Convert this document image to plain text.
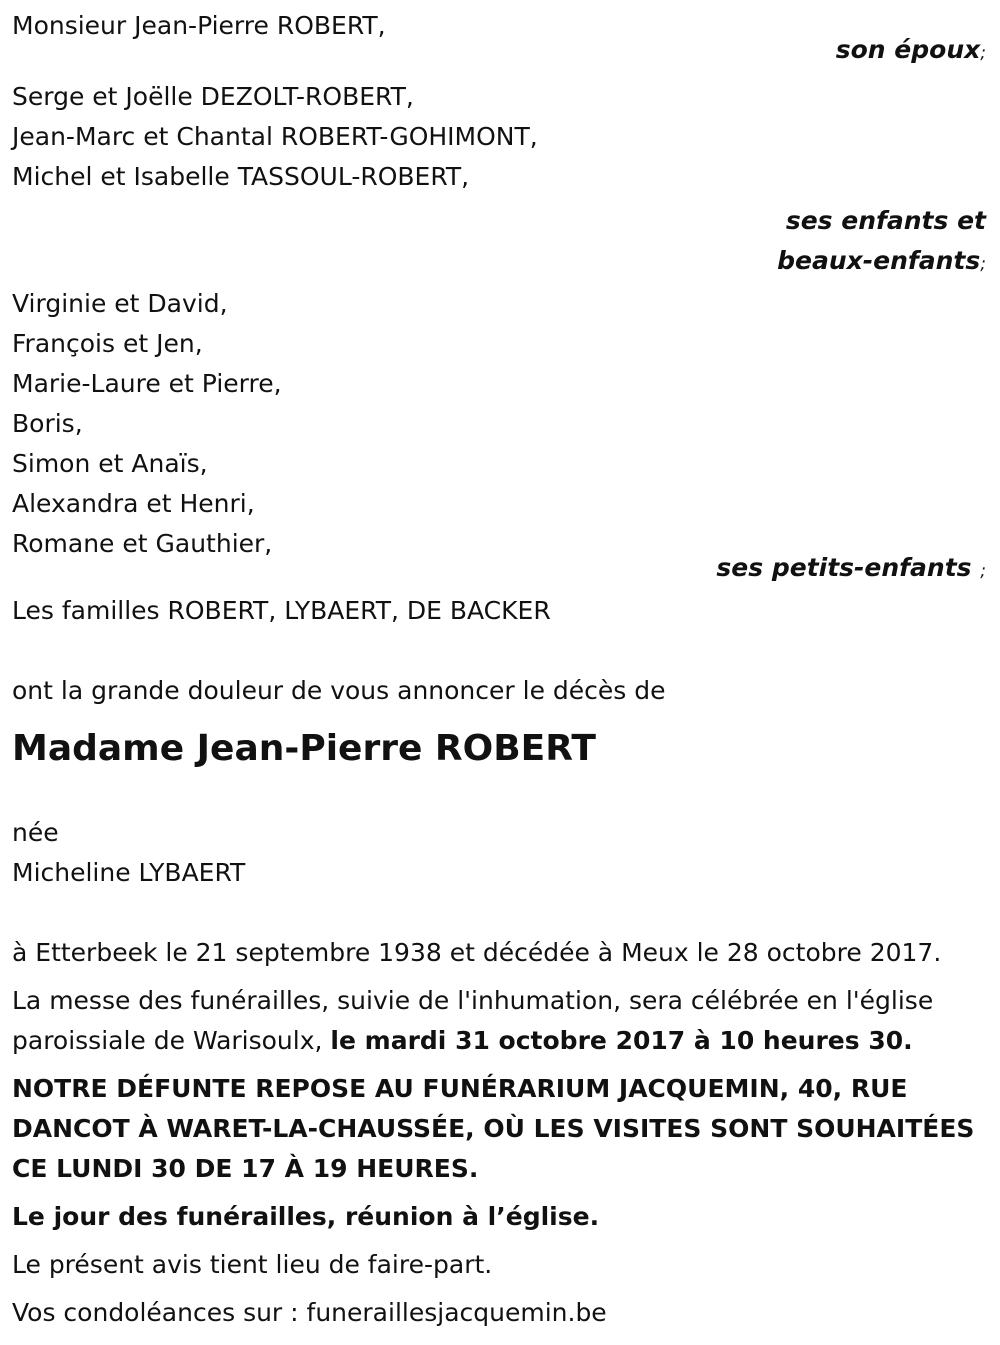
Monsieur Jean-Pierre ROBERT,
son époux;
Serge et Joëlle DEZOLT-ROBERT,
Jean-Marc et Chantal ROBERT-GOHIMONT,
Michel et Isabelle TASSOUL-ROBERT,
ses enfants et
beaux-enfants;
Virginie et David,
François et Jen,
Marie-Laure et Pierre,
Boris,
Simon et Anaïs,
Alexandra et Henri,
Romane et Gauthier,
ses petits-enfants ;
Les familles ROBERT, LYBAERT, DE BACKER
ont la grande douleur de vous annoncer le décès de
Madame Jean-Pierre ROBERT
née
Micheline LYBAERT
à Etterbeek le 21 septembre 1938 et décédée à Meux le 28 octobre 2017.
La messe des funérailles, suivie de l'inhumation, sera célébrée en l'église paroissiale de Warisoulx, le mardi 31 octobre 2017 à 10 heures 30.
NOTRE DÉFUNTE REPOSE AU FUNÉRARIUM JACQUEMIN, 40, RUE DANCOT À WARET-LA-CHAUSSÉE, OÙ LES VISITES SONT SOUHAITÉES CE LUNDI 30 DE 17 À 19 HEURES.
Le jour des funérailles, réunion à l’église.
Le présent avis tient lieu de faire-part.
Vos condoléances sur : funeraillesjacquemin.be
